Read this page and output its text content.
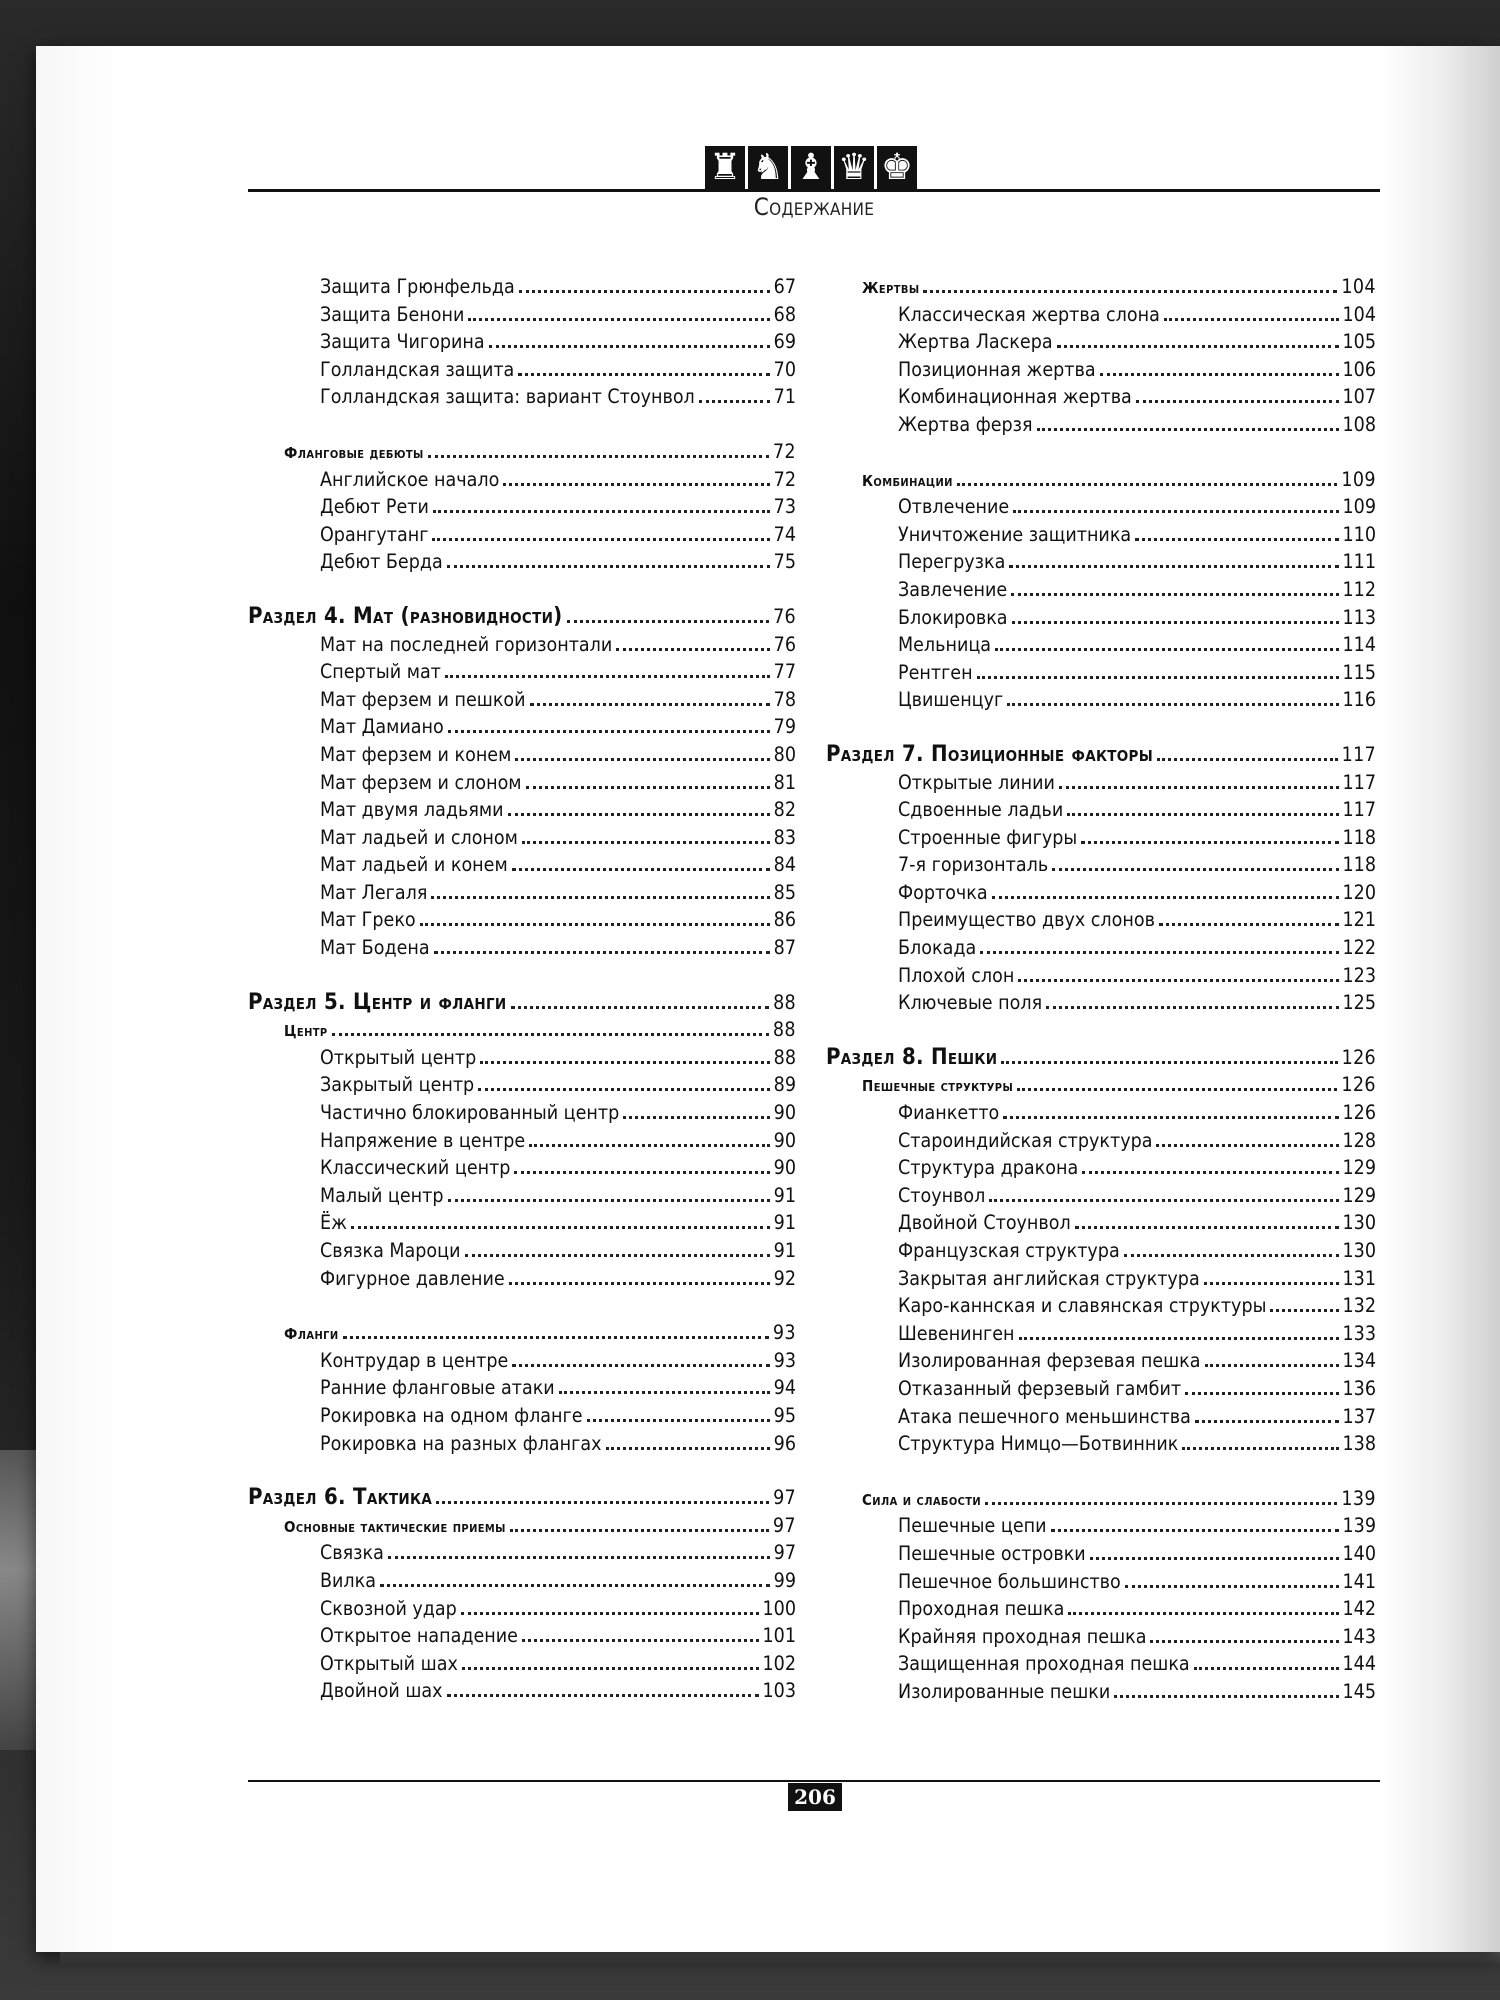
♜ ♞ ♝ ♛ ♚
Содержание
Защита Грюнфельда	67
Защита Бенони	68
Защита Чигорина	69
Голландская защита	70
Голландская защита: вариант Стоунвол	71
Фланговые дебюты	72
Английское начало	72
Дебют Рети	73
Орангутанг	74
Дебют Берда	75
Раздел 4. Мат (разновидности)	76
Мат на последней горизонтали	76
Спертый мат	77
Мат ферзем и пешкой	78
Мат Дамиано	79
Мат ферзем и конем	80
Мат ферзем и слоном	81
Мат двумя ладьями	82
Мат ладьей и слоном	83
Мат ладьей и конем	84
Мат Легаля	85
Мат Греко	86
Мат Бодена	87
Раздел 5. Центр и фланги	88
Центр	88
Открытый центр	88
Закрытый центр	89
Частично блокированный центр	90
Напряжение в центре	90
Классический центр	90
Малый центр	91
Ёж	91
Связка Мароци	91
Фигурное давление	92
Фланги	93
Контрудар в центре	93
Ранние фланговые атаки	94
Рокировка на одном фланге	95
Рокировка на разных флангах	96
Раздел 6. Тактика	97
Основные тактические приемы	97
Связка	97
Вилка	99
Сквозной удар	100
Открытое нападение	101
Открытый шах	102
Двойной шах	103
Жертвы	104
Классическая жертва слона	104
Жертва Ласкера	105
Позиционная жертва	106
Комбинационная жертва	107
Жертва ферзя	108
Комбинации	109
Отвлечение	109
Уничтожение защитника	110
Перегрузка	111
Завлечение	112
Блокировка	113
Мельница	114
Рентген	115
Цвишенцуг	116
Раздел 7. Позиционные факторы	117
Открытые линии	117
Сдвоенные ладьи	117
Строенные фигуры	118
7-я горизонталь	118
Форточка	120
Преимущество двух слонов	121
Блокада	122
Плохой слон	123
Ключевые поля	125
Раздел 8. Пешки	126
Пешечные структуры	126
Фианкетто	126
Староиндийская структура	128
Структура дракона	129
Стоунвол	129
Двойной Стоунвол	130
Французская структура	130
Закрытая английская структура	131
Каро-каннская и славянская структуры	132
Шевенинген	133
Изолированная ферзевая пешка	134
Отказанный ферзевый гамбит	136
Атака пешечного меньшинства	137
Структура Нимцо—Ботвинник	138
Сила и слабости	139
Пешечные цепи	139
Пешечные островки	140
Пешечное большинство	141
Проходная пешка	142
Крайняя проходная пешка	143
Защищенная проходная пешка	144
Изолированные пешки	145
206
